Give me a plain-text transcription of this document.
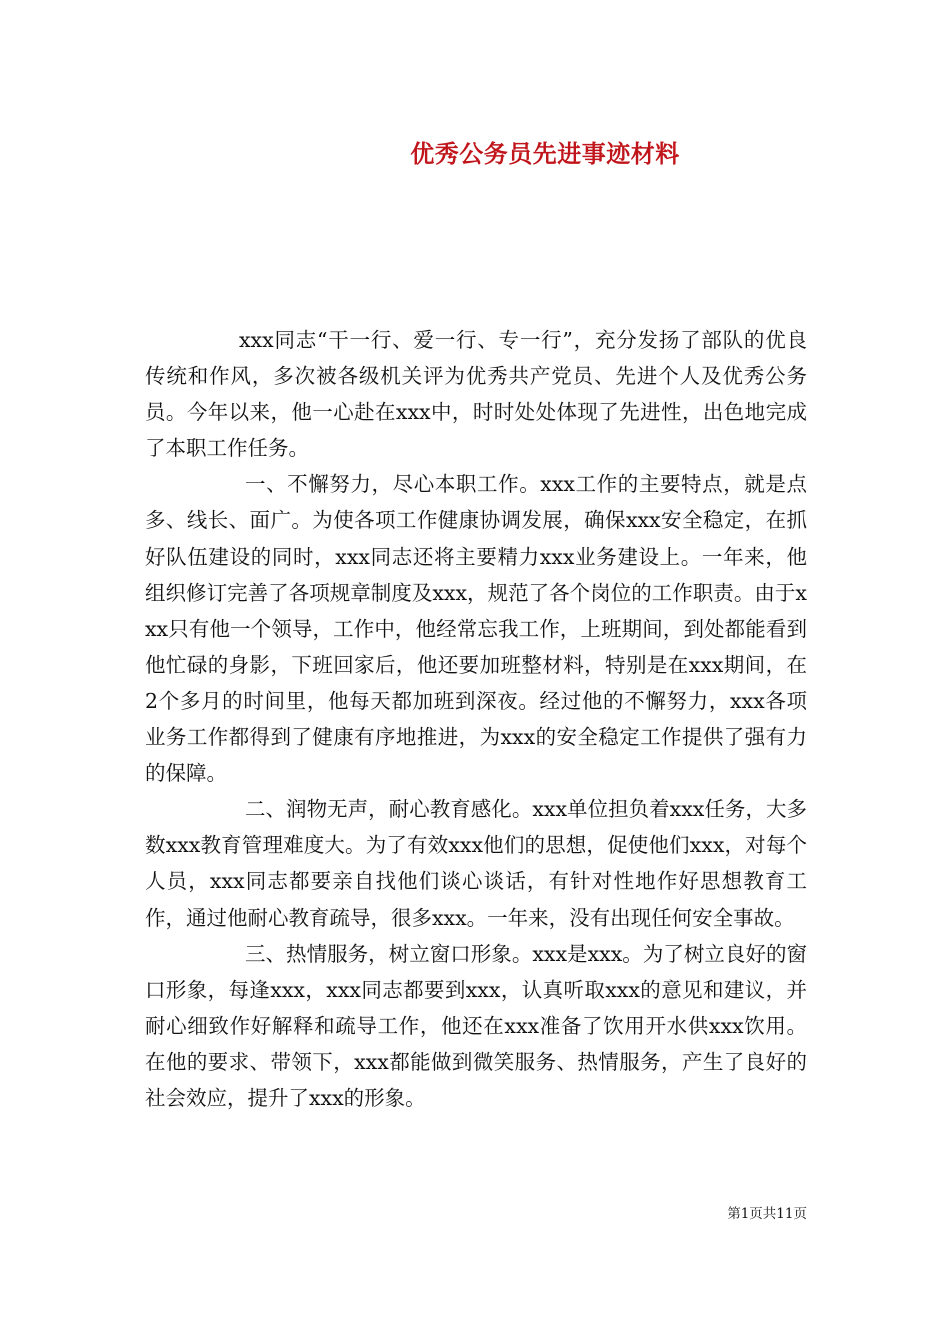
优秀公务员先进事迹材料

xxx同志“干一行、爱一行、专一行”，充分发扬了部队的优良传统和作风，多次被各级机关评为优秀共产党员、先进个人及优秀公务员。今年以来，他一心赴在xxx中，时时处处体现了先进性，出色地完成了本职工作任务。

一、不懈努力，尽心本职工作。xxx工作的主要特点，就是点多、线长、面广。为使各项工作健康协调发展，确保xxx安全稳定，在抓好队伍建设的同时，xxx同志还将主要精力xxx业务建设上。一年来，他组织修订完善了各项规章制度及xxx，规范了各个岗位的工作职责。由于xxx只有他一个领导，工作中，他经常忘我工作，上班期间，到处都能看到他忙碌的身影，下班回家后，他还要加班整材料，特别是在xxx期间，在2个多月的时间里，他每天都加班到深夜。经过他的不懈努力，xxx各项业务工作都得到了健康有序地推进，为xxx的安全稳定工作提供了强有力的保障。

二、润物无声，耐心教育感化。xxx单位担负着xxx任务，大多数xxx教育管理难度大。为了有效xxx他们的思想，促使他们xxx，对每个人员，xxx同志都要亲自找他们谈心谈话，有针对性地作好思想教育工作，通过他耐心教育疏导，很多xxx。一年来，没有出现任何安全事故。

三、热情服务，树立窗口形象。xxx是xxx。为了树立良好的窗口形象，每逢xxx，xxx同志都要到xxx，认真听取xxx的意见和建议，并耐心细致作好解释和疏导工作，他还在xxx准备了饮用开水供xxx饮用。在他的要求、带领下，xxx都能做到微笑服务、热情服务，产生了良好的社会效应，提升了xxx的形象。

第1页共11页
